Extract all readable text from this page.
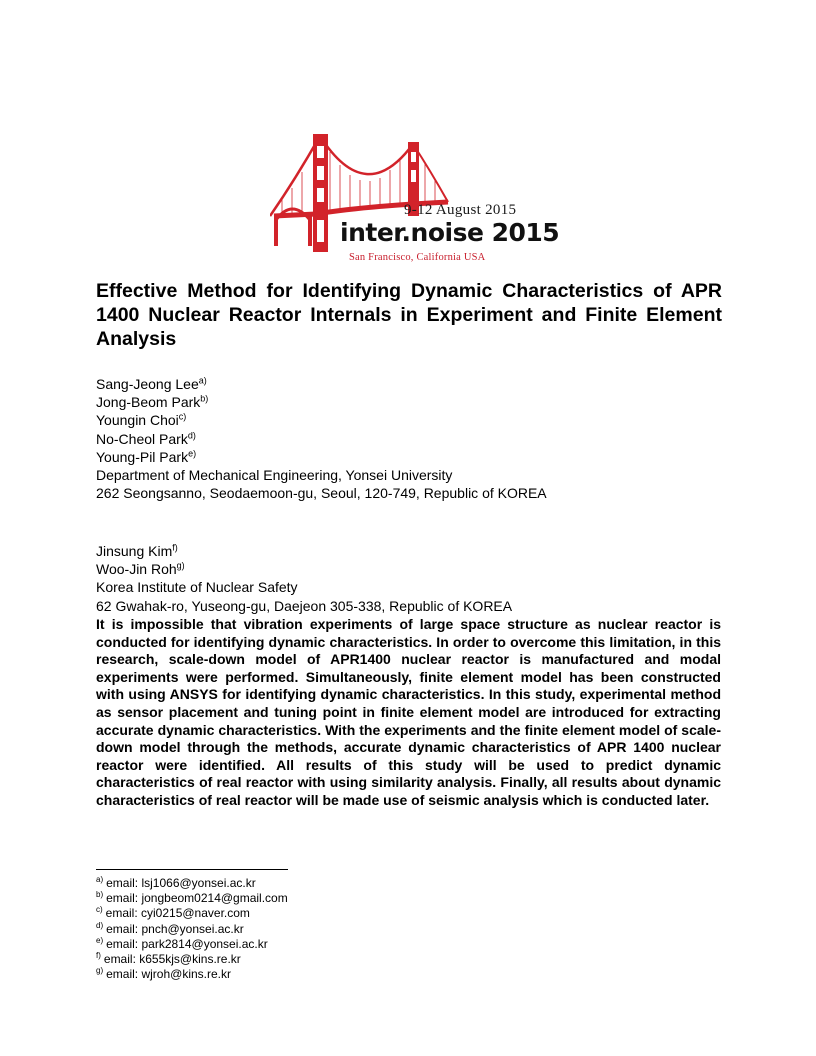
9-12 August 2015
inter.noise 2015
San Francisco, California USA
Effective Method for Identifying Dynamic Characteristics of APR 1400 Nuclear Reactor Internals in Experiment and Finite Element Analysis
Sang-Jeong Lee$^{a)}$
Jong-Beom Park$^{b)}$
Youngin Choi$^{c)}$
No-Cheol Park$^{d)}$
Young-Pil Park$^{e)}$
Department of Mechanical Engineering, Yonsei University
262 Seongsanno, Seodaemoon-gu, Seoul, 120-749, Republic of KOREA
Jinsung Kim$^{f)}$
Woo-Jin Roh$^{g)}$
Korea Institute of Nuclear Safety
62 Gwahak-ro, Yuseong-gu, Daejeon 305-338, Republic of KOREA
It is impossible that vibration experiments of large space structure as nuclear reactor is conducted for identifying dynamic characteristics. In order to overcome this limitation, in this research, scale-down model of APR1400 nuclear reactor is manufactured and modal experiments were performed. Simultaneously, finite element model has been constructed with using ANSYS for identifying dynamic characteristics. In this study, experimental method as sensor placement and tuning point in finite element model are introduced for extracting accurate dynamic characteristics. With the experiments and the finite element model of scale-down model through the methods, accurate dynamic characteristics of APR 1400 nuclear reactor were identified. All results of this study will be used to predict dynamic characteristics of real reactor with using similarity analysis. Finally, all results about dynamic characteristics of real reactor will be made use of seismic analysis which is conducted later.
$^{a)}$ email: lsj1066@yonsei.ac.kr
$^{b)}$ email: jongbeom0214@gmail.com
$^{c)}$ email: cyi0215@naver.com
$^{d)}$ email: pnch@yonsei.ac.kr
$^{e)}$ email: park2814@yonsei.ac.kr
$^{f)}$ email: k655kjs@kins.re.kr
$^{g)}$ email: wjroh@kins.re.kr
